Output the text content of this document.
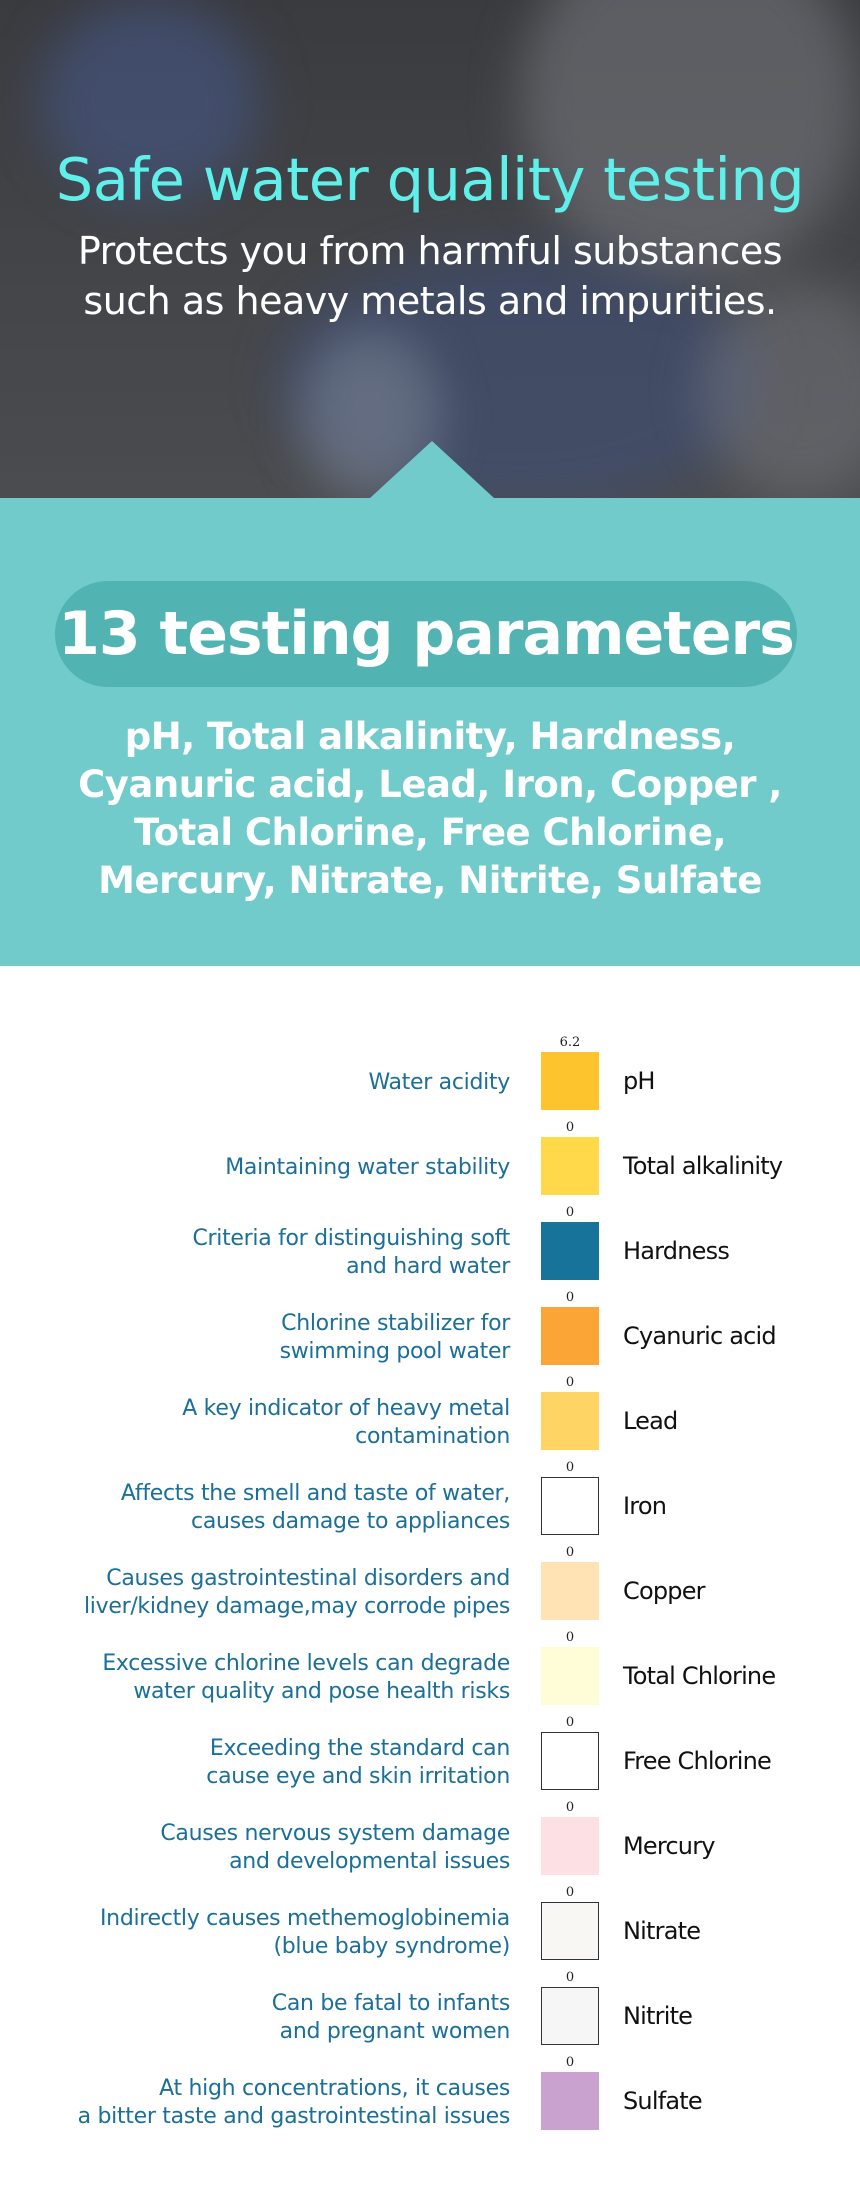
Safe water quality testing
Protects you from harmful substances such as heavy metals and impurities.
13 testing parameters
pH, Total alkalinity, Hardness, Cyanuric acid, Lead, Iron, Copper , Total Chlorine, Free Chlorine, Mercury, Nitrate, Nitrite, Sulfate
Water acidity
6.2
pH
Maintaining water stability
0
Total alkalinity
Criteria for distinguishing soft
and hard water
0
Hardness
Chlorine stabilizer for
swimming pool water
0
Cyanuric acid
A key indicator of heavy metal
contamination
0
Lead
Affects the smell and taste of water,
causes damage to appliances
0
Iron
Causes gastrointestinal disorders and
liver/kidney damage,may corrode pipes
0
Copper
Excessive chlorine levels can degrade
water quality and pose health risks
0
Total Chlorine
Exceeding the standard can
cause eye and skin irritation
0
Free Chlorine
Causes nervous system damage
and developmental issues
0
Mercury
Indirectly causes methemoglobinemia
(blue baby syndrome)
0
Nitrate
Can be fatal to infants
and pregnant women
0
Nitrite
At high concentrations, it causes
a bitter taste and gastrointestinal issues
0
Sulfate
